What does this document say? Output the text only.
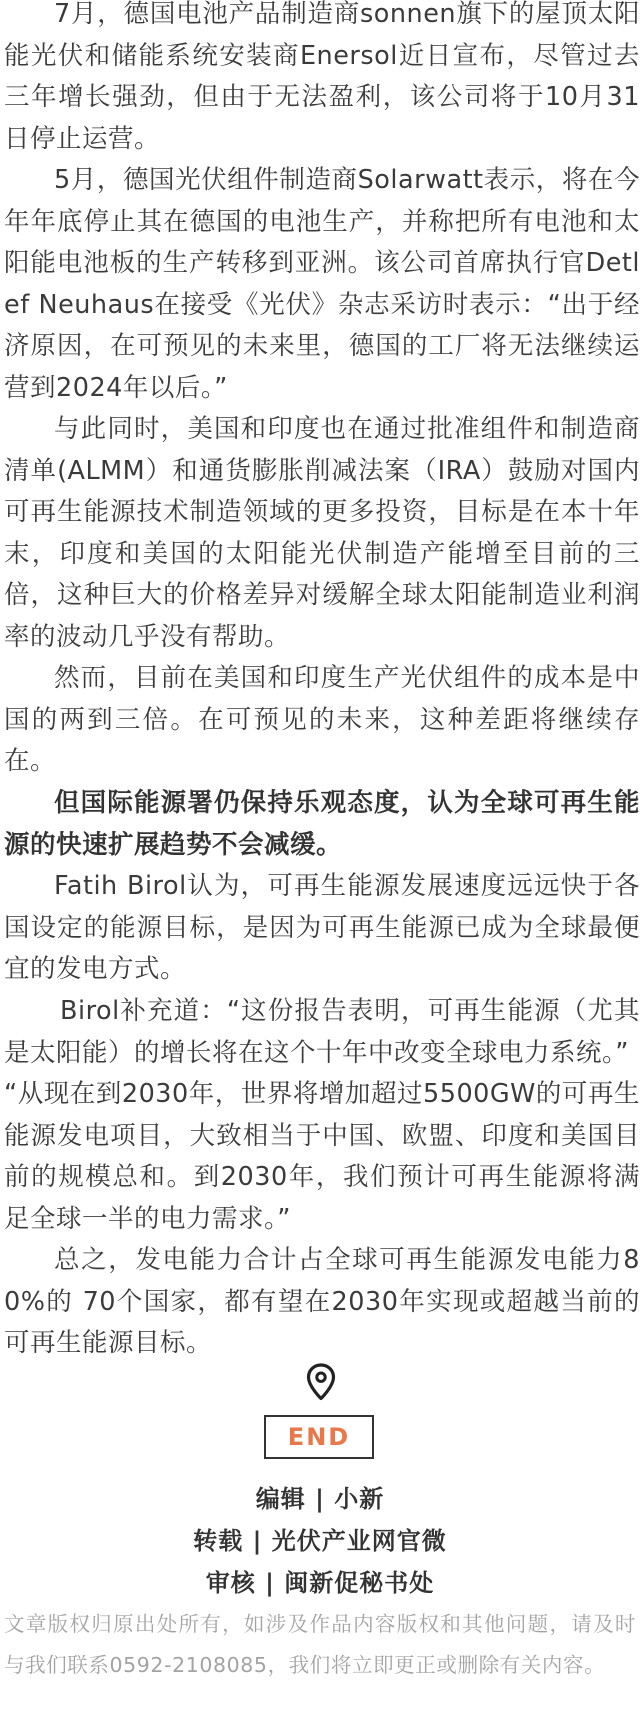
7月，德国电池产品制造商sonnen旗下的屋顶太阳能光伏和储能系统安装商Enersol近日宣布，尽管过去三年增长强劲，但由于无法盈利，该公司将于10月31日停止运营。

5月，德国光伏组件制造商Solarwatt表示，将在今年年底停止其在德国的电池生产，并称把所有电池和太阳能电池板的生产转移到亚洲。该公司首席执行官Detlef Neuhaus在接受《光伏》杂志采访时表示：“出于经济原因，在可预见的未来里，德国的工厂将无法继续运营到2024年以后。”

与此同时，美国和印度也在通过批准组件和制造商清单(ALMM）和通货膨胀削减法案（IRA）鼓励对国内可再生能源技术制造领域的更多投资，目标是在本十年末，印度和美国的太阳能光伏制造产能增至目前的三倍，这种巨大的价格差异对缓解全球太阳能制造业利润率的波动几乎没有帮助。

然而，目前在美国和印度生产光伏组件的成本是中国的两到三倍。在可预见的未来，这种差距将继续存在。

但国际能源署仍保持乐观态度，认为全球可再生能源的快速扩展趋势不会减缓。

Fatih Birol认为，可再生能源发展速度远远快于各国设定的能源目标，是因为可再生能源已成为全球最便宜的发电方式。

Birol补充道：“这份报告表明，可再生能源（尤其是太阳能）的增长将在这个十年中改变全球电力系统。”

“从现在到2030年，世界将增加超过5500GW的可再生能源发电项目，大致相当于中国、欧盟、印度和美国目前的规模总和。到2030年，我们预计可再生能源将满足全球一半的电力需求。”

总之，发电能力合计占全球可再生能源发电能力80%的 70个国家，都有望在2030年实现或超越当前的可再生能源目标。

END
编辑 | 小新
转载 | 光伏产业网官微
审核 | 闽新促秘书处
文章版权归原出处所有，如涉及作品内容版权和其他问题，请及时与我们联系0592-2108085，我们将立即更正或删除有关内容。
